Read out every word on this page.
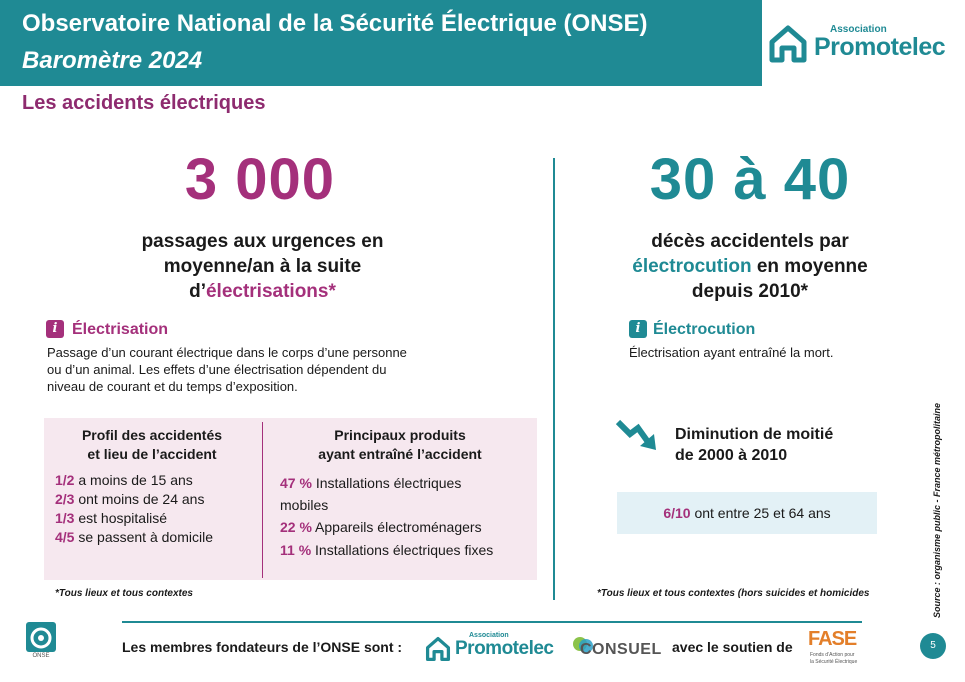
Observatoire National de la Sécurité Électrique (ONSE)
Baromètre 2024
Association
Promotelec
Les accidents électriques
3 000
passages aux urgences en
moyenne/an à la suite
d’électrisations*
30 à 40
décès accidentels par
électrocution en moyenne
depuis 2010*
i Électrisation
Passage d’un courant électrique dans le corps d’une personne
ou d’un animal. Les effets d’une électrisation dépendent du
niveau de courant et du temps d’exposition.
Profil des accidentés
et lieu de l’accident
1/2 a moins de 15 ans
2/3 ont moins de 24 ans
1/3 est hospitalisé
4/5 se passent à domicile
Principaux produits
ayant entraîné l’accident
47 % Installations électriques
mobiles
22 % Appareils électroménagers
11 % Installations électriques fixes
*Tous lieux et tous contextes
i Électrocution
Électrisation ayant entraîné la mort.
Diminution de moitié
de 2000 à 2010
6/10 ont entre 25 et 64 ans
*Tous lieux et tous contextes (hors suicides et homicides	Source : organisme public - France métropolitaine
ONSE
Les membres fondateurs de l’ONSE sont :
Association
Promotelec CONSUEL avec le soutien de FASE
Fonds d’Action pour
la Sécurité Électrique
5
